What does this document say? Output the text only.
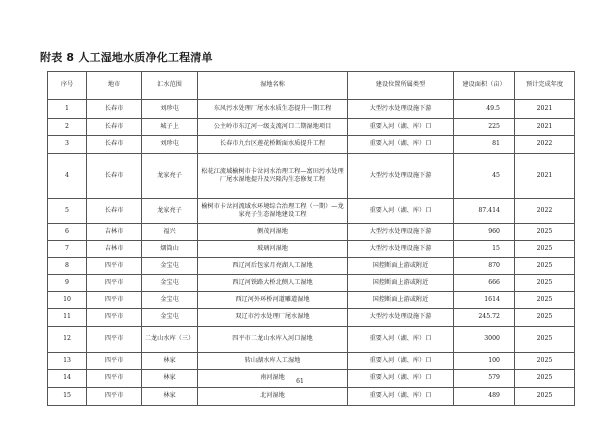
附表 8 人工湿地水质净化工程清单
序号	地市	汇水范围	湿地名称	建设位置所属类型	建设面积（亩）	预计完成年度
1	长春市	刘珍屯	东风污水处理厂尾水水质生态提升一期工程	大型污水处理设施下游	49.5	2021
2	长春市	城子上	公主岭市东辽河一级支流河口二期湿地项目	重要入河（湖、库）口	225	2021
3	长春市	刘珍屯	长春市九台区莲花桥断面水质提升工程	重要入河（湖、库）口	81	2022
4	长春市	龙家亮子	松花江流域榆树市卡岔河水治理工程—富田污水处理厂尾水湿地提升及兴隆沟生态修复工程	大型污水处理设施下游	45	2021
5	长春市	龙家亮子	榆树市卡岔河流域水环境综合治理工程（一期）—龙家亮子生态湿地建设工程	重要入河（湖、库）口	87.414	2022
6	吉林市	福兴	侧茂河湿地	大型污水处理设施下游	960	2025
7	吉林市	烟筒山	玻璃河湿地	大型污水处理设施下游	15	2025
8	四平市	金宝屯	西辽河后包家月亮湖人工湿地	国控断面上游或附近	870	2025
9	四平市	金宝屯	西辽河铁路大桥北侧人工湿地	国控断面上游或附近	666	2025
10	四平市	金宝屯	西辽河外环桥河道雕道湿地	国控断面上游或附近	1614	2025
11	四平市	金宝屯	双辽市污水处理厂尾水湿地	大型污水处理设施下游	245.72	2025
12	四平市	二龙山水库（三）	四平市二龙山水库入河口湿地	重要入河（湖、库）口	3000	2025
13	四平市	林家	转山湖水库人工湿地	重要入河（湖、库）口	100	2025
14	四平市	林家	南河湿地	重要入河（湖、库）口	579	2025
15	四平市	林家	北河湿地	重要入河（湖、库）口	489	2025
61
